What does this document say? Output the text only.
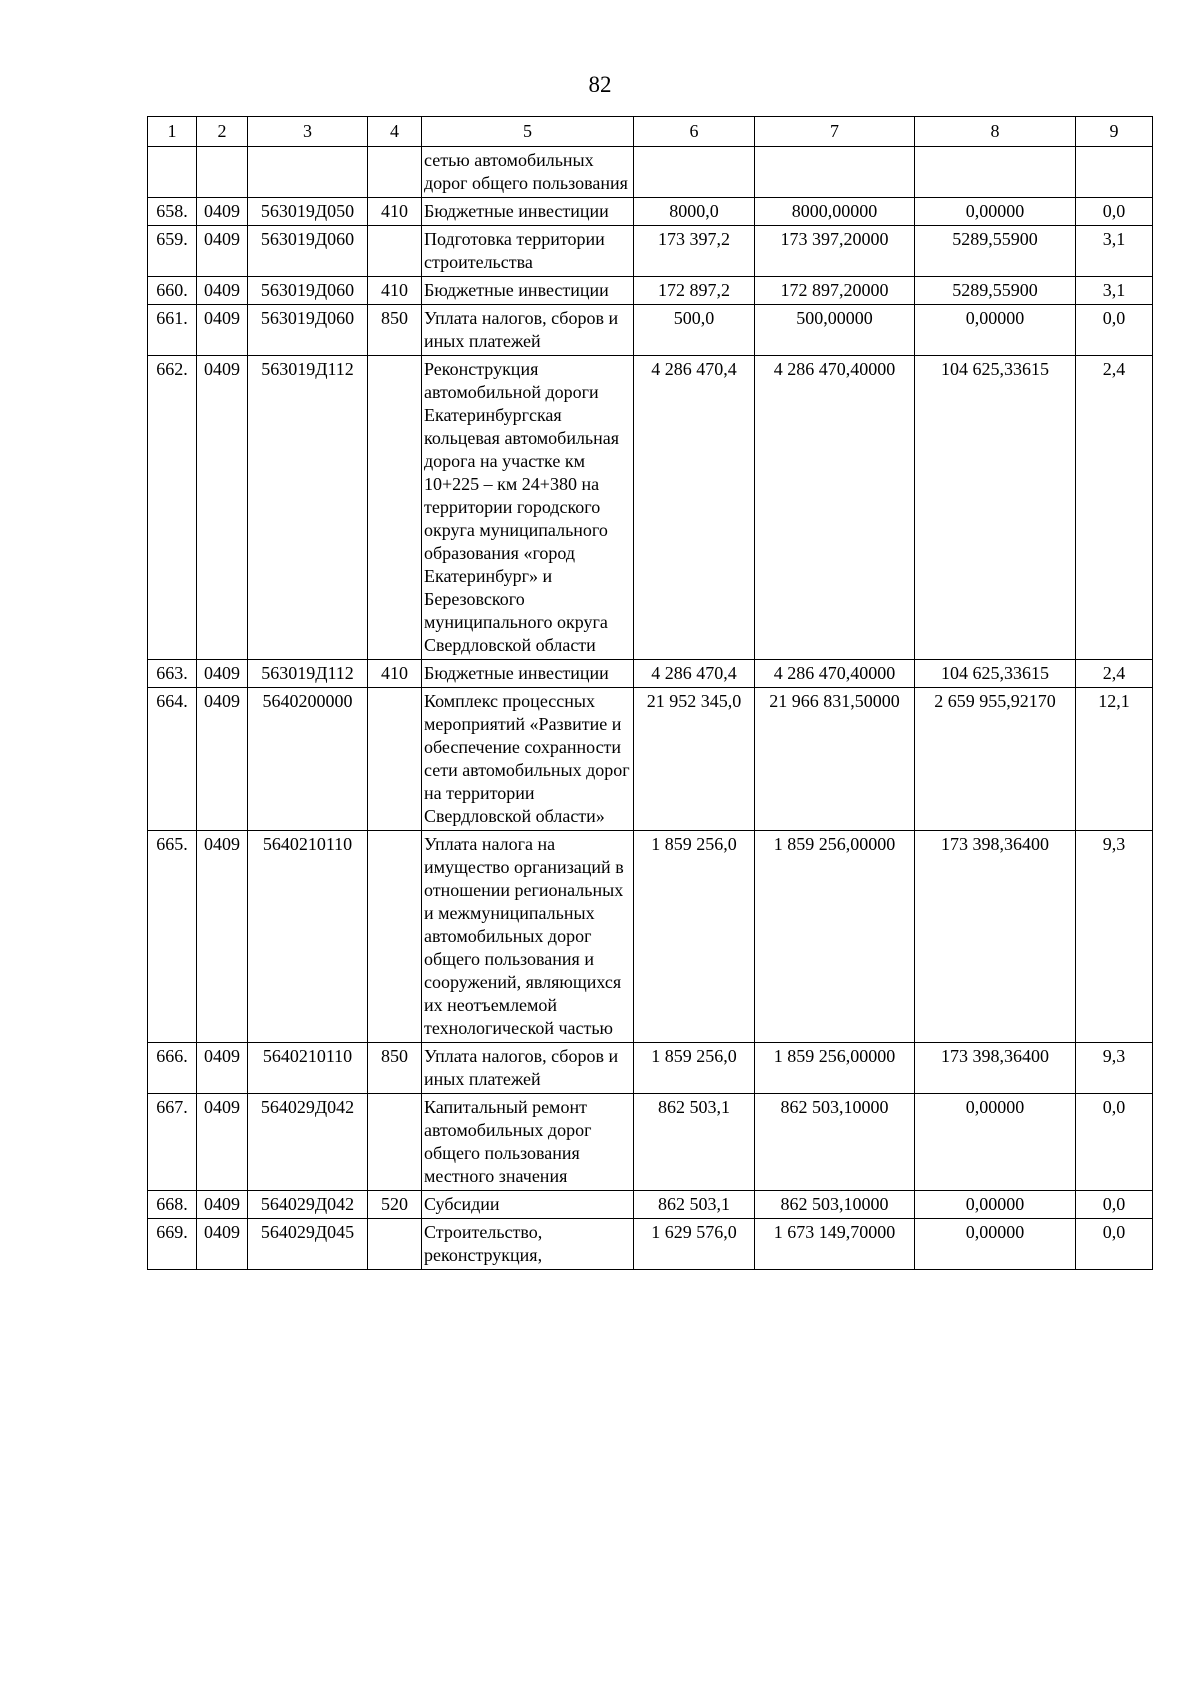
82
1	2	3	4	5	6	7	8	9
				сетью автомобильных дорог общего пользования				
658.	0409	563019Д050	410	Бюджетные инвестиции	8000,0	8000,00000	0,00000	0,0
659.	0409	563019Д060		Подготовка территории строительства	173 397,2	173 397,20000	5289,55900	3,1
660.	0409	563019Д060	410	Бюджетные инвестиции	172 897,2	172 897,20000	5289,55900	3,1
661.	0409	563019Д060	850	Уплата налогов, сборов и иных платежей	500,0	500,00000	0,00000	0,0
662.	0409	563019Д112		Реконструкция автомобильной дороги Екатеринбургская кольцевая автомобильная дорога на участке км 10+225 – км 24+380 на территории городского округа муниципального образования «город Екатеринбург» и Березовского муниципального округа Свердловской области	4 286 470,4	4 286 470,40000	104 625,33615	2,4
663.	0409	563019Д112	410	Бюджетные инвестиции	4 286 470,4	4 286 470,40000	104 625,33615	2,4
664.	0409	5640200000		Комплекс процессных мероприятий «Развитие и обеспечение сохранности сети автомобильных дорог на территории Свердловской области»	21 952 345,0	21 966 831,50000	2 659 955,92170	12,1
665.	0409	5640210110		Уплата налога на имущество организаций в отношении региональных и межмуниципальных автомобильных дорог общего пользования и сооружений, являющихся их неотъемлемой технологической частью	1 859 256,0	1 859 256,00000	173 398,36400	9,3
666.	0409	5640210110	850	Уплата налогов, сборов и иных платежей	1 859 256,0	1 859 256,00000	173 398,36400	9,3
667.	0409	564029Д042		Капитальный ремонт автомобильных дорог общего пользования местного значения	862 503,1	862 503,10000	0,00000	0,0
668.	0409	564029Д042	520	Субсидии	862 503,1	862 503,10000	0,00000	0,0
669.	0409	564029Д045		Строительство, реконструкция,	1 629 576,0	1 673 149,70000	0,00000	0,0
